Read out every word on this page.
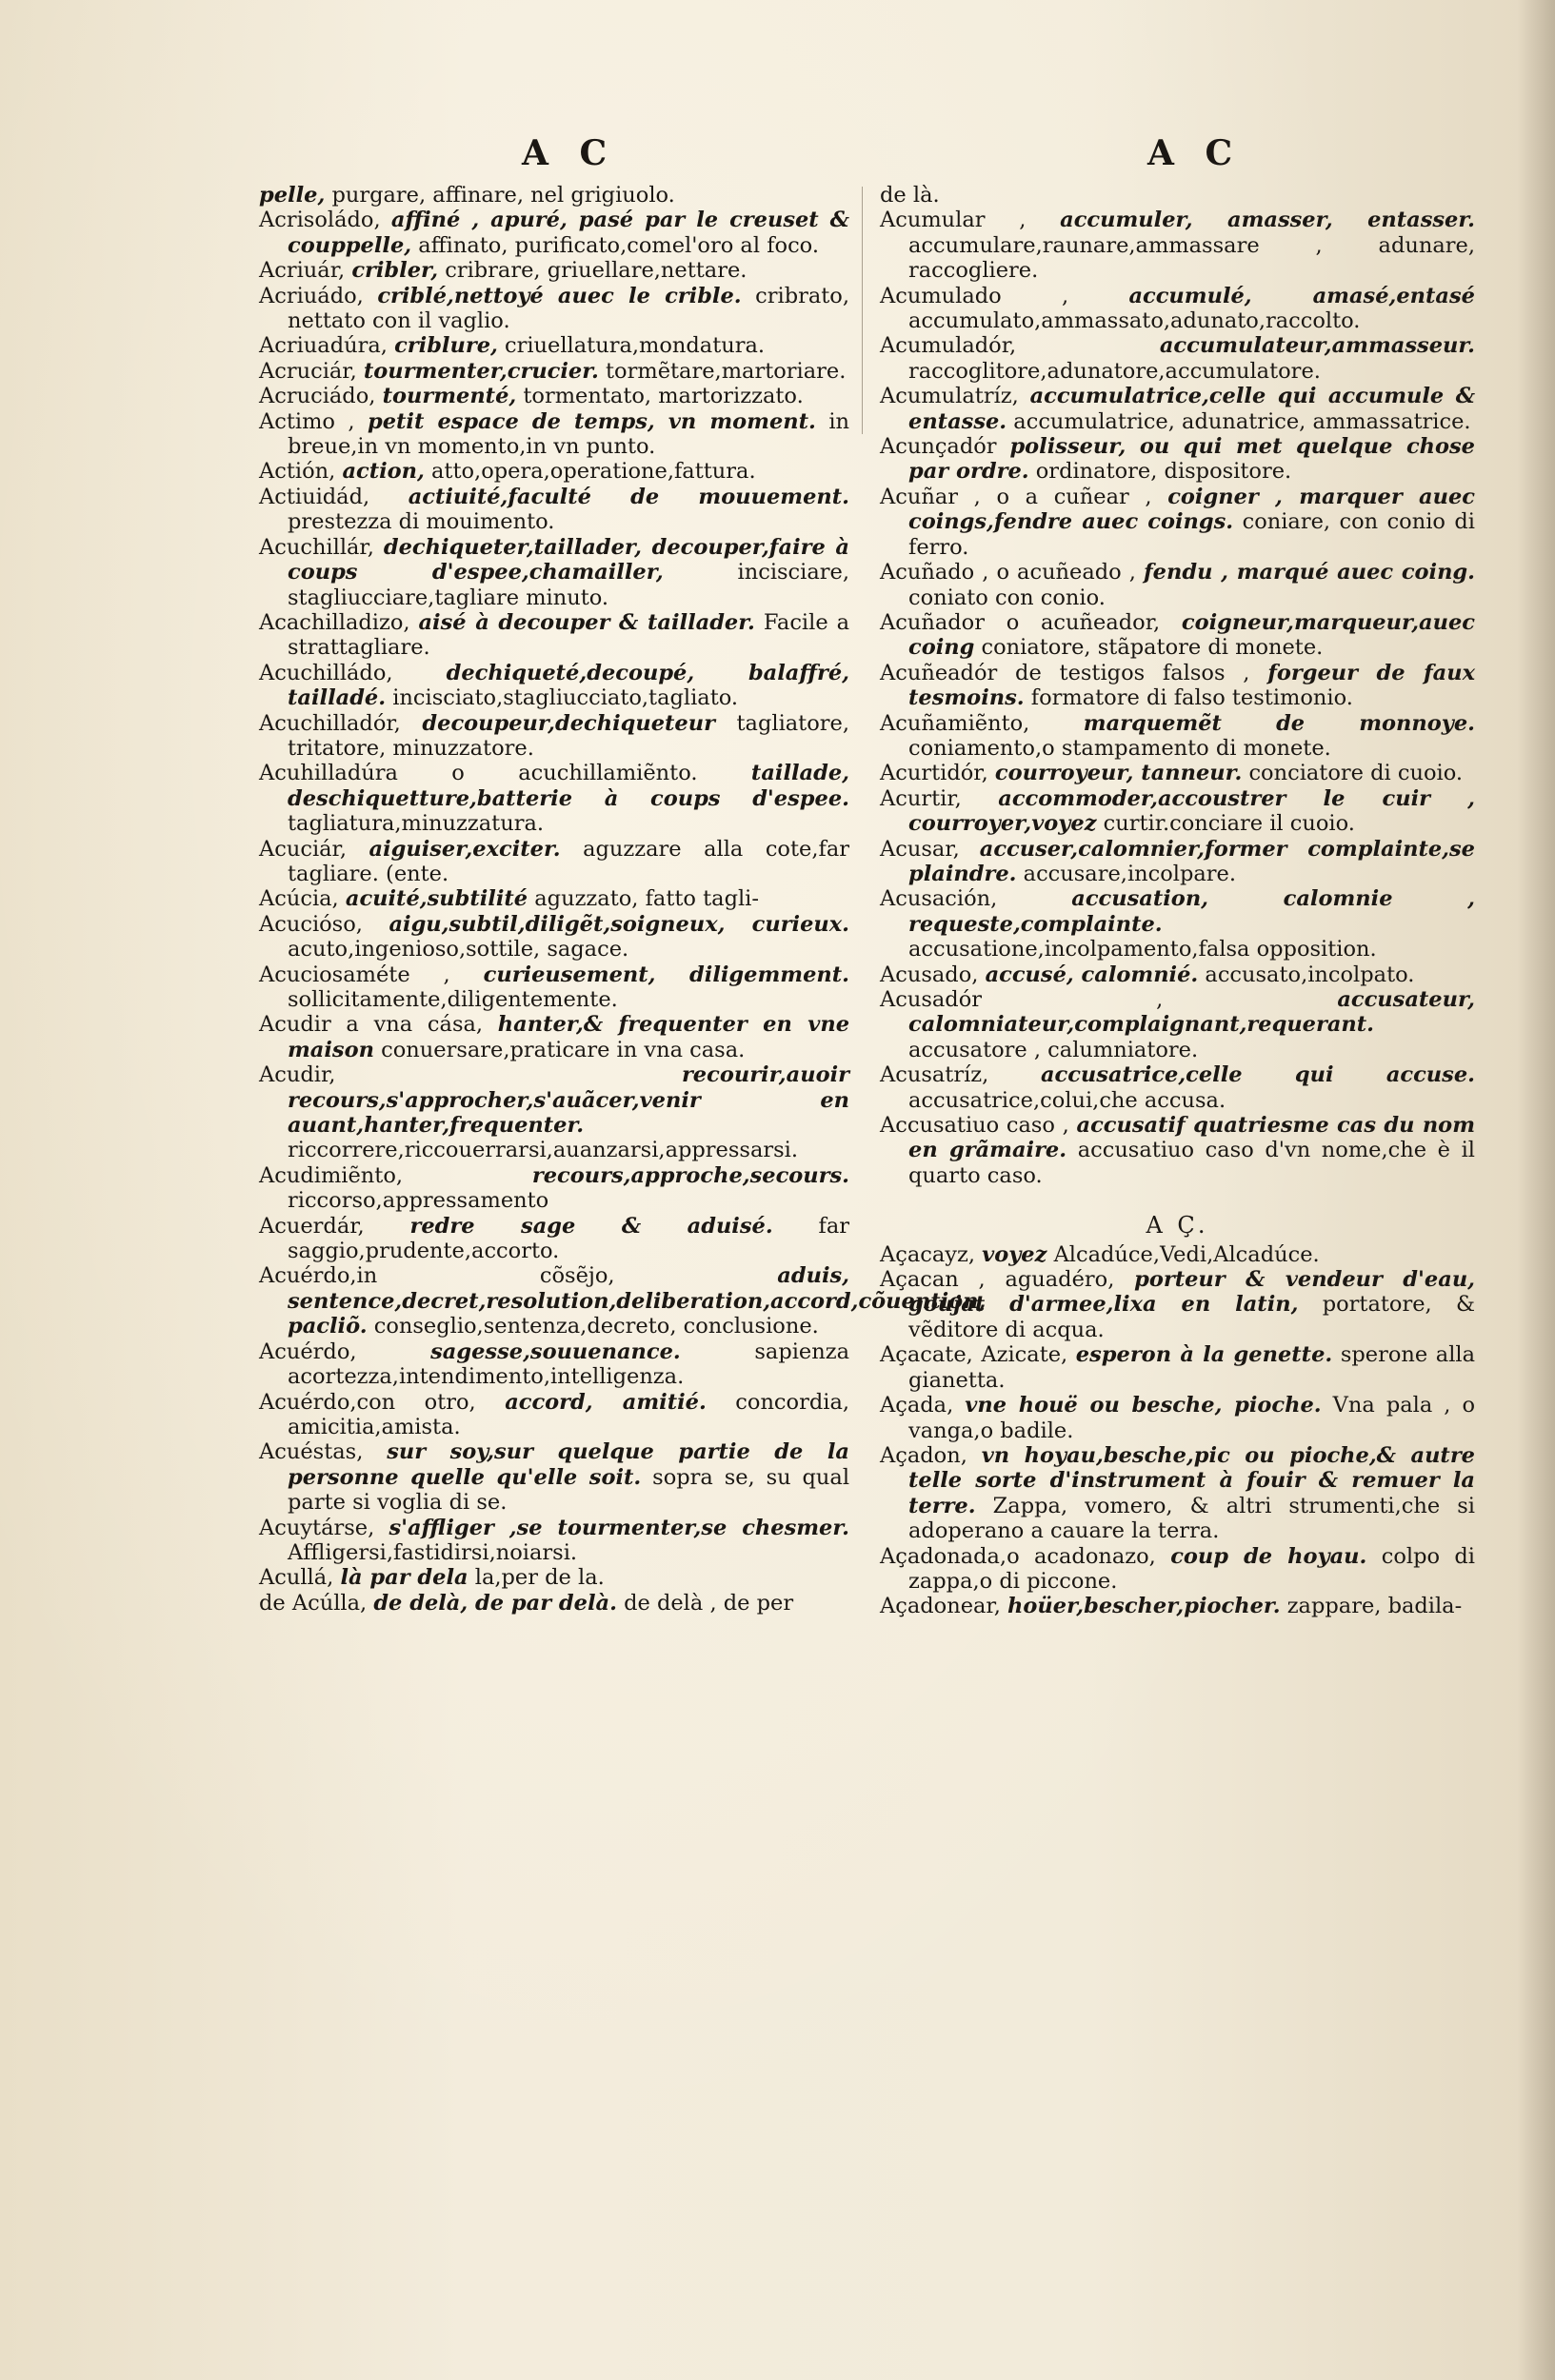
A C	A C

pelle, purgare, affinare, nel grigiuolo.

Acrisoládo, affiné , apuré, pasé par le creuset & couppelle, affinato, purificato,comel'oro al foco.

Acriuár, cribler, cribrare, griuellare,nettare.

Acriuádo, criblé,nettoyé auec le crible. cribrato, nettato con il vaglio.

Acriuadúra, criblure, criuellatura,mondatura.

Acruciár, tourmenter,crucier. tormẽtare,martoriare.

Acruciádo, tourmenté, tormentato, martorizzato.

Actimo , petit espace de temps, vn moment. in breue,in vn momento,in vn punto.

Actión, action, atto,opera,operatione,fattura.

Actiuidád, actiuité,faculté de mouuement. prestezza di mouimento.

Acuchillár, dechiqueter,taillader, decouper,faire à coups d'espee,chamailler,	incisciare, stagliucciare,tagliare minuto.

Acachilladizo, aisé à decouper & taillader. Facile a strattagliare.

Acuchilládo, dechiqueté,decoupé, balaffré, tailladé. incisciato,stagliucciato,tagliato.

Acuchilladór, decoupeur,dechiqueteur tagliatore, tritatore, minuzzatore.

Acuhilladúra o acuchillamiẽnto.	taillade, deschiquetture,batterie à coups d'espee. tagliatura,minuzzatura.

Acuciár, aiguiser,exciter. aguzzare alla cote,far tagliare. (ente.

Acúcia, acuité,subtilité aguzzato, fatto tagli-

Acucióso, aigu,subtil,diligẽt,soigneux, curieux. acuto,ingenioso,sottile, sagace.

Acuciosaméte , curieusement, diligemment. sollicitamente,diligentemente.

Acudir a vna cása, hanter,& frequenter en vne maison conuersare,praticare in vna casa.

Acudir,	recourir,auoir recours,s'approcher,s'auãcer,venir en auant,hanter,frequenter. riccorrere,riccouerrarsi,auanzarsi,appressarsi.

Acudimiẽnto,	recours,approche,secours. riccorso,appressamento

Acuerdár, redre sage & aduisé. far saggio,prudente,accorto.

Acuérdo,in cõsẽjo,	aduis, sentence,decret,resolution,deliberation,accord,cõuention, pacliõ. conseglio,sentenza,decreto, conclusione.

Acuérdo,	sagesse,souuenance.	sapienza acortezza,intendimento,intelligenza.

Acuérdo,con otro, accord, amitié. concordia, amicitia,amista.

Acuéstas, sur soy,sur quelque partie de la personne quelle qu'elle soit. sopra se, su qual parte si voglia di se.

Acuytárse, s'affliger ,se tourmenter,se chesmer. Affligersi,fastidirsi,noiarsi.

Acullá, là par dela la,per de la.

de Acúlla, de delà, de par delà. de delà , de per

de là.

Acumular , accumuler, amasser, entasser. accumulare,raunare,ammassare , adunare, raccogliere.

Acumulado ,	accumulé, amasé,entasé accumulato,ammassato,adunato,raccolto.

Acumuladór,	accumulateur,ammasseur. raccoglitore,adunatore,accumulatore.

Acumulatríz, accumulatrice,celle qui accumule & entasse. accumulatrice, adunatrice, ammassatrice.

Acunçadór polisseur, ou qui met quelque chose par ordre. ordinatore, dispositore.

Acuñar , o a cuñear , coigner , marquer auec coings,fendre auec coings. coniare, con conio di ferro.

Acuñado , o acuñeado , fendu , marqué auec coing. coniato con conio.

Acuñador o acuñeador, coigneur,marqueur,auec coing coniatore, stãpatore di monete.

Acuñeadór de testigos falsos , forgeur de faux tesmoins. formatore di falso testimonio.

Acuñamiẽnto,	marquemẽt de monnoye. coniamento,o stampamento di monete.

Acurtidór, courroyeur, tanneur. conciatore di cuoio.

Acurtir, accommoder,accoustrer le cuir , courroyer,voyez curtir.conciare il cuoio.

Acusar, accuser,calomnier,former complainte,se plaindre. accusare,incolpare.

Acusación,	accusation, calomnie , requeste,complainte. accusatione,incolpamento,falsa opposition.

Acusado, accusé, calomnié. accusato,incolpato.

Acusadór ,	accusateur, calomniateur,complaignant,requerant. accusatore , calumniatore.

Acusatríz, accusatrice,celle qui accuse. accusatrice,colui,che accusa.

Accusatiuo caso , accusatif quatriesme cas du nom en grãmaire. accusatiuo caso d'vn nome,che è il quarto caso.

A Ç.

Açacayz, voyez Alcadúce,Vedi,Alcadúce.

Açacan , aguadéro, porteur & vendeur d'eau, goujat d'armee,lixa en latin, portatore, & vẽditore di acqua.

Açacate, Azicate, esperon à la genette. sperone alla gianetta.

Açada, vne houë ou besche, pioche. Vna pala , o vanga,o badile.

Açadon, vn hoyau,besche,pic ou pioche,& autre telle sorte d'instrument à fouir & remuer la terre. Zappa, vomero, & altri strumenti,che si adoperano a cauare la terra.

Açadonada,o acadonazo, coup de hoyau. colpo di zappa,o di piccone.

Açadonear, hoüer,bescher,piocher. zappare, badila-
